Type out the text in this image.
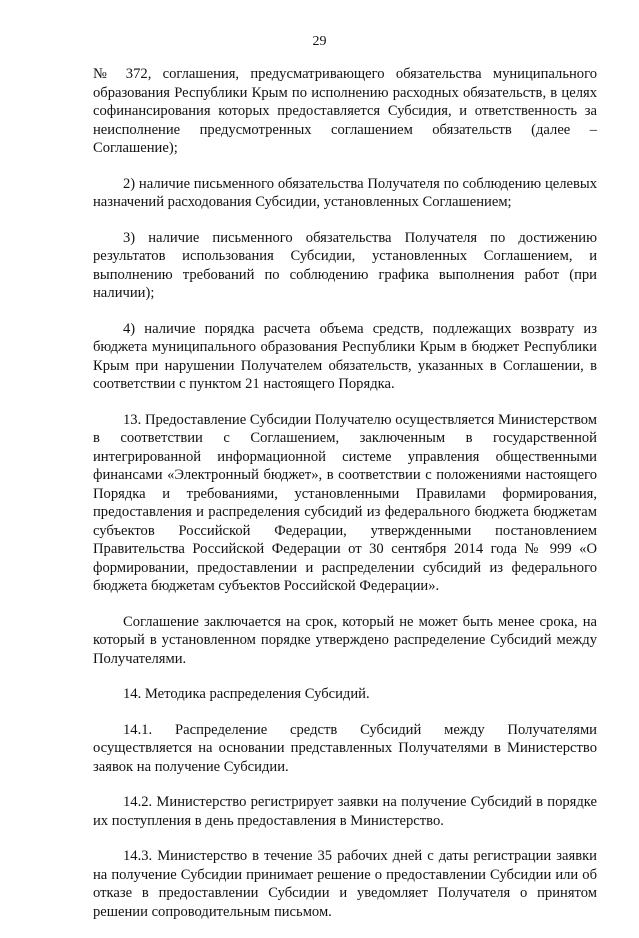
29

№ 372, соглашения, предусматривающего обязательства муниципального образования Республики Крым по исполнению расходных обязательств, в целях софинансирования которых предоставляется Субсидия, и ответственность за неисполнение предусмотренных соглашением обязательств (далее – Соглашение);

2) наличие письменного обязательства Получателя по соблюдению целевых назначений расходования Субсидии, установленных Соглашением;

3) наличие письменного обязательства Получателя по достижению результатов использования Субсидии, установленных Соглашением, и выполнению требований по соблюдению графика выполнения работ (при наличии);

4) наличие порядка расчета объема средств, подлежащих возврату из бюджета муниципального образования Республики Крым в бюджет Республики Крым при нарушении Получателем обязательств, указанных в Соглашении, в соответствии с пунктом 21 настоящего Порядка.

13. Предоставление Субсидии Получателю осуществляется Министерством в соответствии с Соглашением, заключенным в государственной интегрированной информационной системе управления общественными финансами «Электронный бюджет», в соответствии с положениями настоящего Порядка и требованиями, установленными Правилами формирования, предоставления и распределения субсидий из федерального бюджета бюджетам субъектов Российской Федерации, утвержденными постановлением Правительства Российской Федерации от 30 сентября 2014 года № 999 «О формировании, предоставлении и распределении субсидий из федерального бюджета бюджетам субъектов Российской Федерации».

Соглашение заключается на срок, который не может быть менее срока, на который в установленном порядке утверждено распределение Субсидий между Получателями.

14. Методика распределения Субсидий.

14.1. Распределение средств Субсидий между Получателями осуществляется на основании представленных Получателями в Министерство заявок на получение Субсидии.

14.2. Министерство регистрирует заявки на получение Субсидий в порядке их поступления в день предоставления в Министерство.

14.3. Министерство в течение 35 рабочих дней с даты регистрации заявки на получение Субсидии принимает решение о предоставлении Субсидии или об отказе в предоставлении Субсидии и уведомляет Получателя о принятом решении сопроводительным письмом.
